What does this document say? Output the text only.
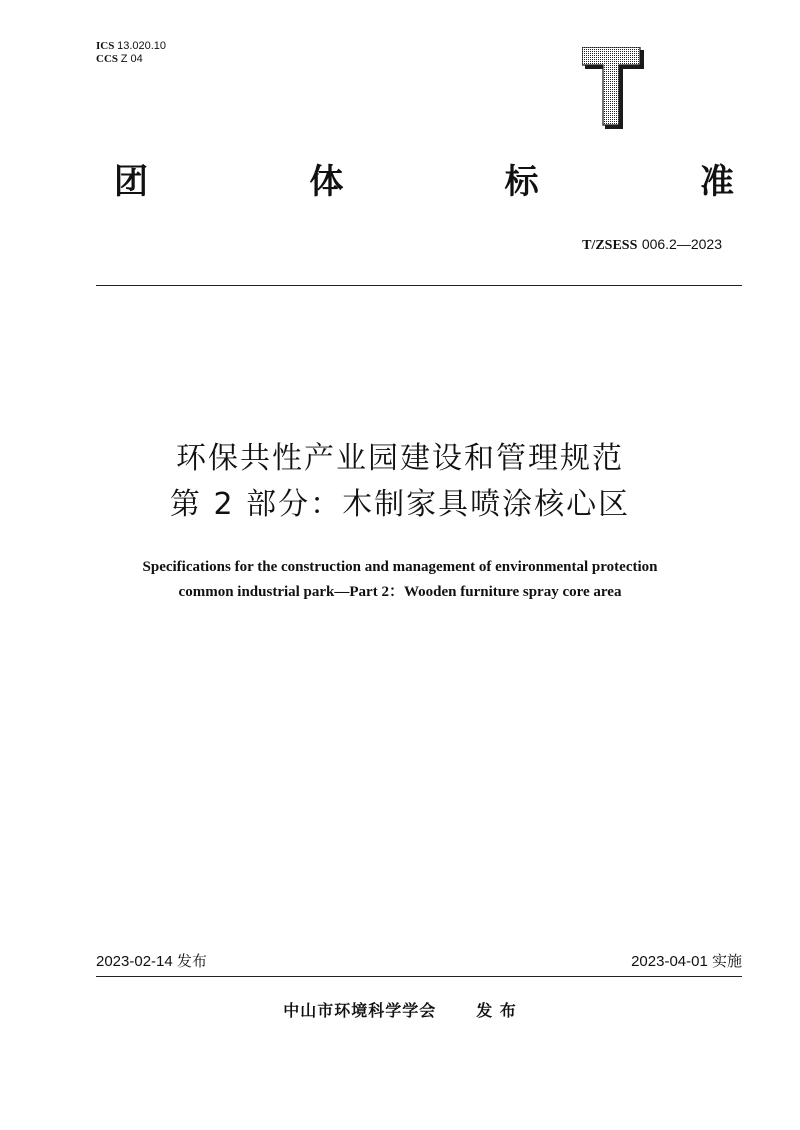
ICS 13.020.10
CCS Z 04
团	体	标	准
T/ZSESS 006.2—2023
环保共性产业园建设和管理规范
第 2 部分：木制家具喷涂核心区
Specifications for the construction and management of environmental protection
common industrial park—Part 2：Wooden furniture spray core area
2023-02-14 发布	2023-04-01 实施
中山市环境科学学会	发 布
